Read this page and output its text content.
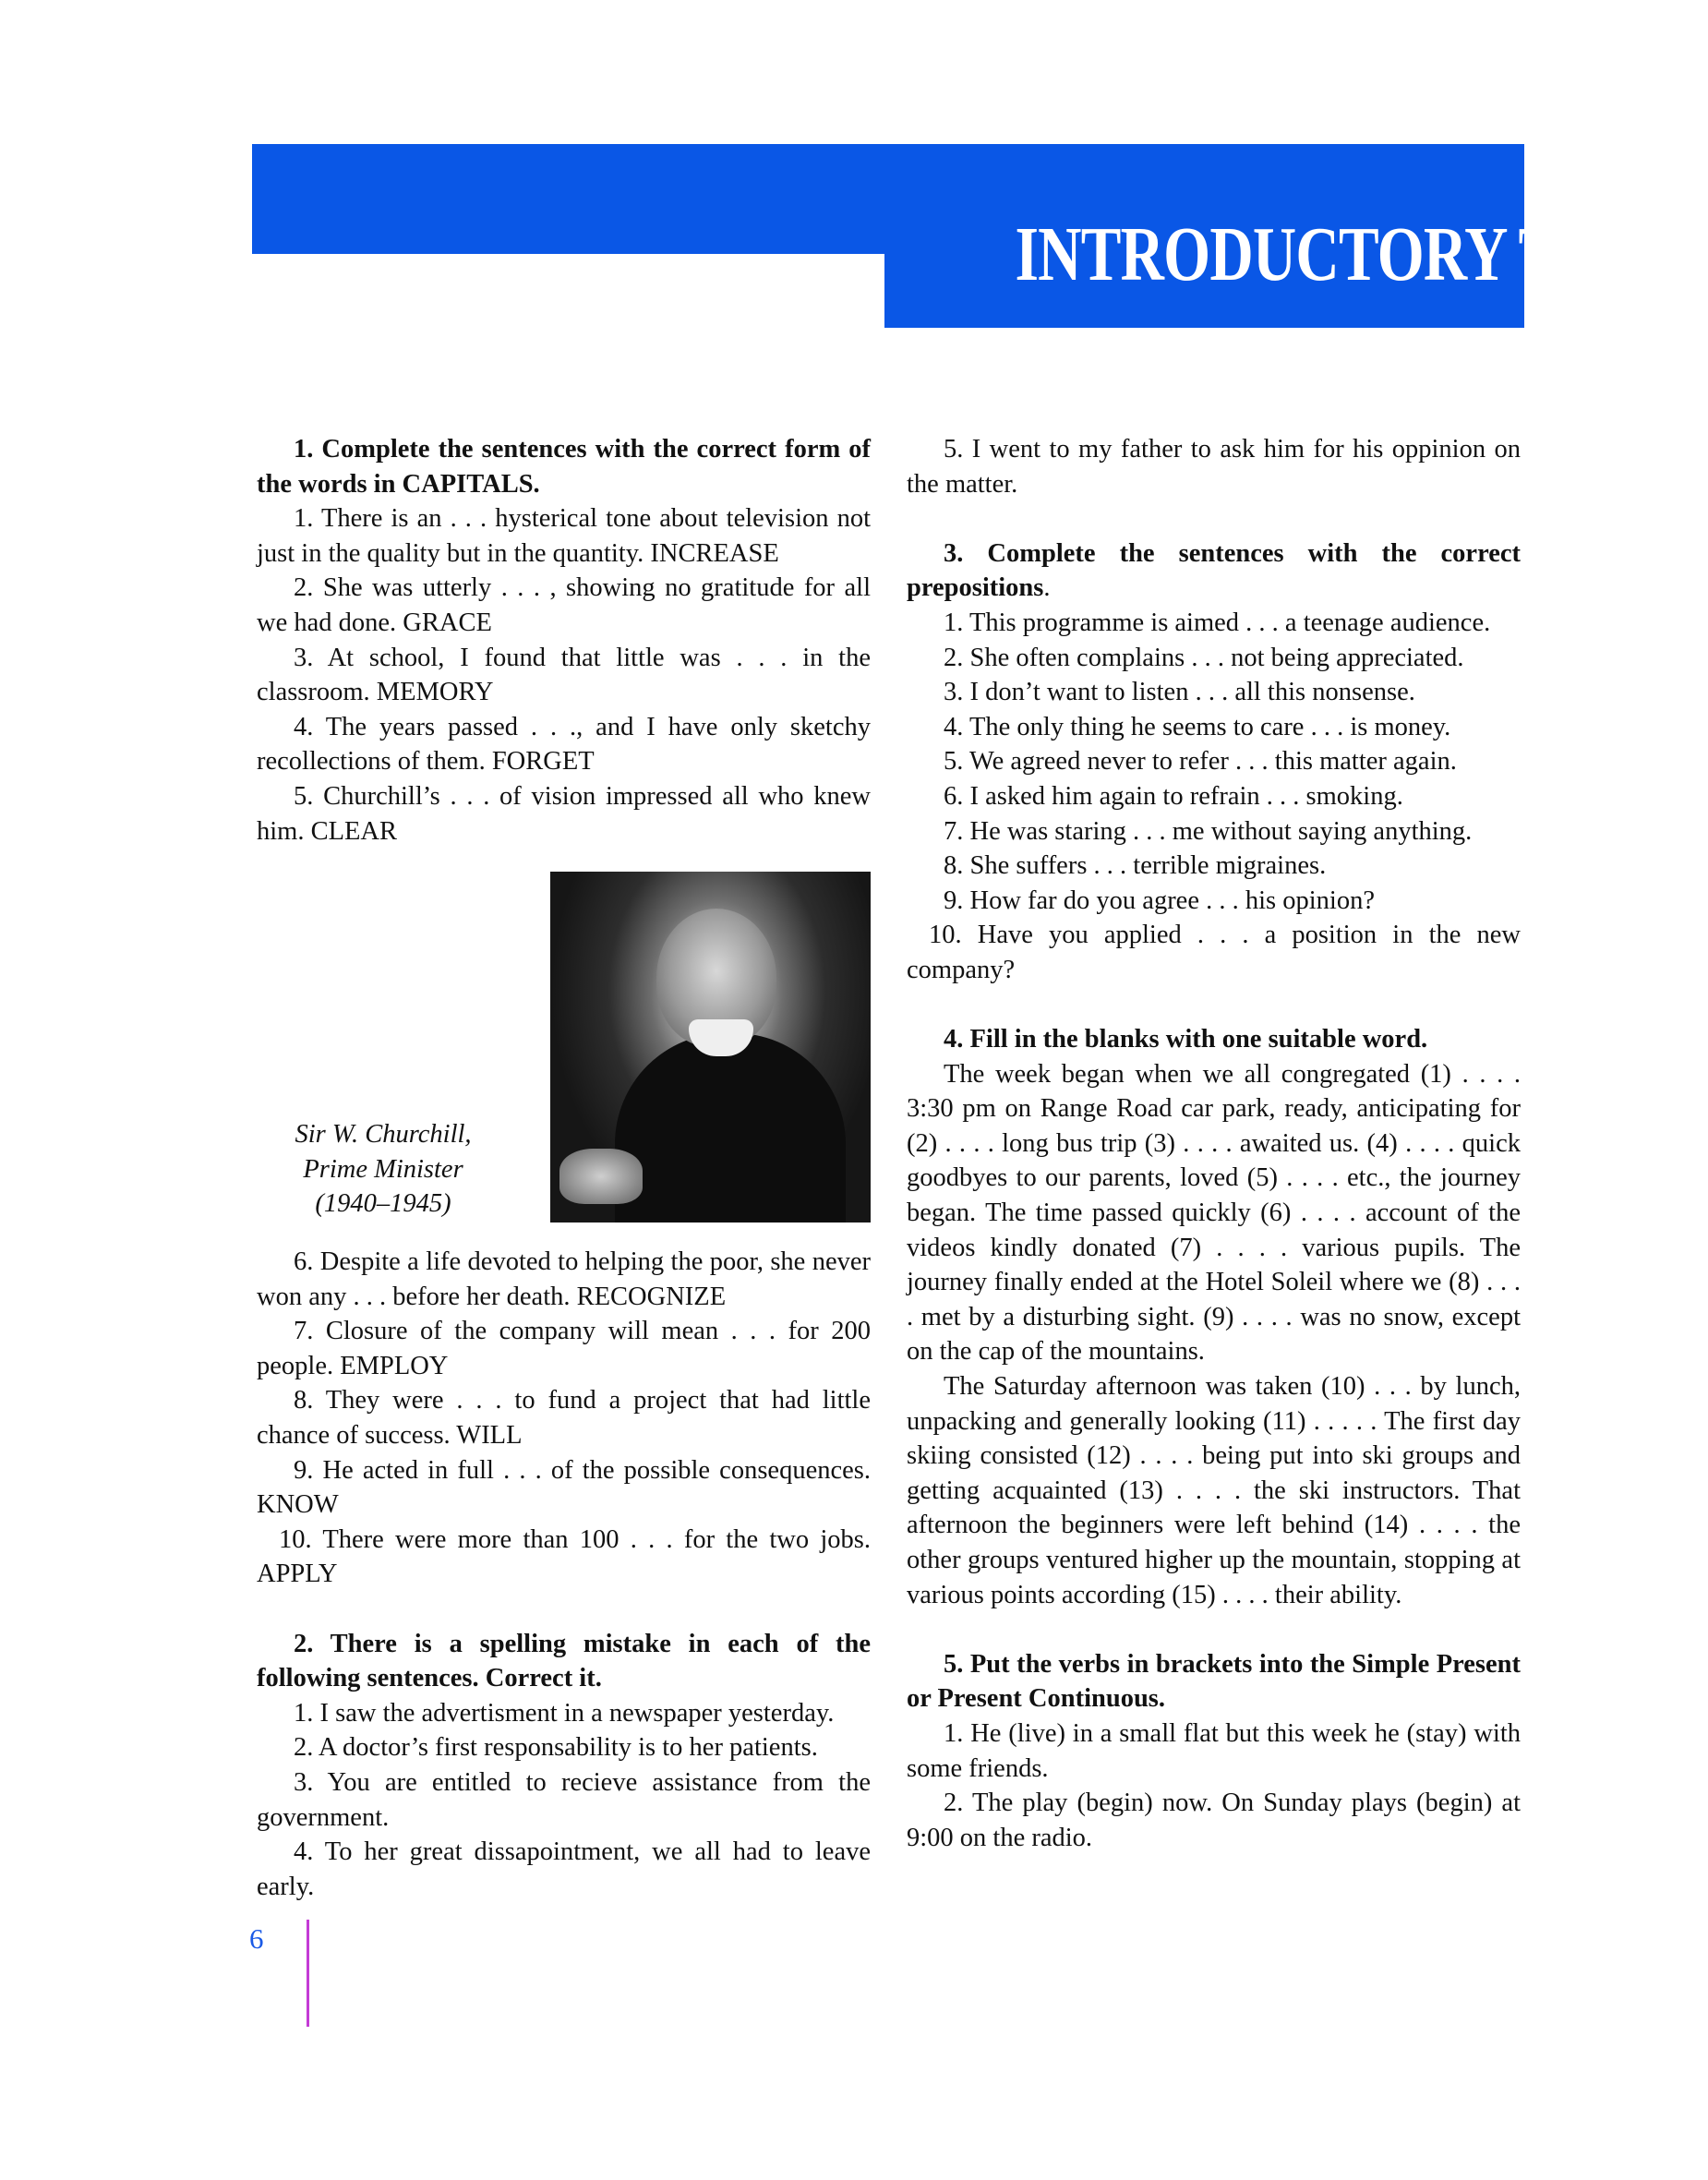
INTRODUCTORY TEST

1. Complete the sentences with the correct form of the words in CAPITALS.

1. There is an . . . hysterical tone about television not just in the quality but in the quantity. INCREASE

2. She was utterly . . . , showing no gratitude for all we had done. GRACE

3. At school, I found that little was . . . in the classroom. MEMORY

4. The years passed . . ., and I have only sketchy recollections of them. FORGET

5. Churchill’s . . . of vision impressed all who knew him. CLEAR

Sir W. Churchill,
Prime Minister
(1940–1945)

6. Despite a life devoted to helping the poor, she never won any . . . before her death. RECOGNIZE

7. Closure of the company will mean . . . for 200 people. EMPLOY

8. They were . . . to fund a project that had little chance of success. WILL

9. He acted in full . . . of the possible consequences. KNOW

10. There were more than 100 . . . for the two jobs. APPLY

2. There is a spelling mistake in each of the following sentences. Correct it.

1. I saw the advertisment in a newspaper yesterday.

2. A doctor’s first responsability is to her patients.

3. You are entitled to recieve assistance from the government.

4. To her great dissapointment, we all had to leave early.

5. I went to my father to ask him for his oppinion on the matter.

3. Complete the sentences with the correct prepositions.

1. This programme is aimed . . . a teenage audience.

2. She often complains . . . not being appreciated.

3. I don’t want to listen . . . all this nonsense.

4. The only thing he seems to care . . . is money.

5. We agreed never to refer . . . this matter again.

6. I asked him again to refrain . . . smoking.

7. He was staring . . . me without saying anything.

8. She suffers . . . terrible migraines.

9. How far do you agree . . . his opinion?

10. Have you applied . . . a position in the new company?

4. Fill in the blanks with one suitable word.

The week began when we all congregated (1) . . . . 3:30 pm on Range Road car park, ready, anticipating for (2) . . . . long bus trip (3) . . . . awaited us. (4) . . . . quick goodbyes to our parents, loved (5) . . . . etc., the journey began. The time passed quickly (6) . . . . account of the videos kindly donated (7) . . . . various pupils. The journey finally ended at the Hotel Soleil where we (8) . . . . met by a disturbing sight. (9) . . . . was no snow, except on the cap of the mountains.

The Saturday afternoon was taken (10) . . . by lunch, unpacking and generally looking (11) . . . . . The first day skiing consisted (12) . . . . being put into ski groups and getting acquainted (13) . . . . the ski instructors. That afternoon the beginners were left behind (14) . . . . the other groups ventured higher up the mountain, stopping at various points according (15) . . . . their ability.

5. Put the verbs in brackets into the Simple Present or Present Continuous.

1. He (live) in a small flat but this week he (stay) with some friends.

2. The play (begin) now. On Sunday plays (begin) at 9:00 on the radio.

6
